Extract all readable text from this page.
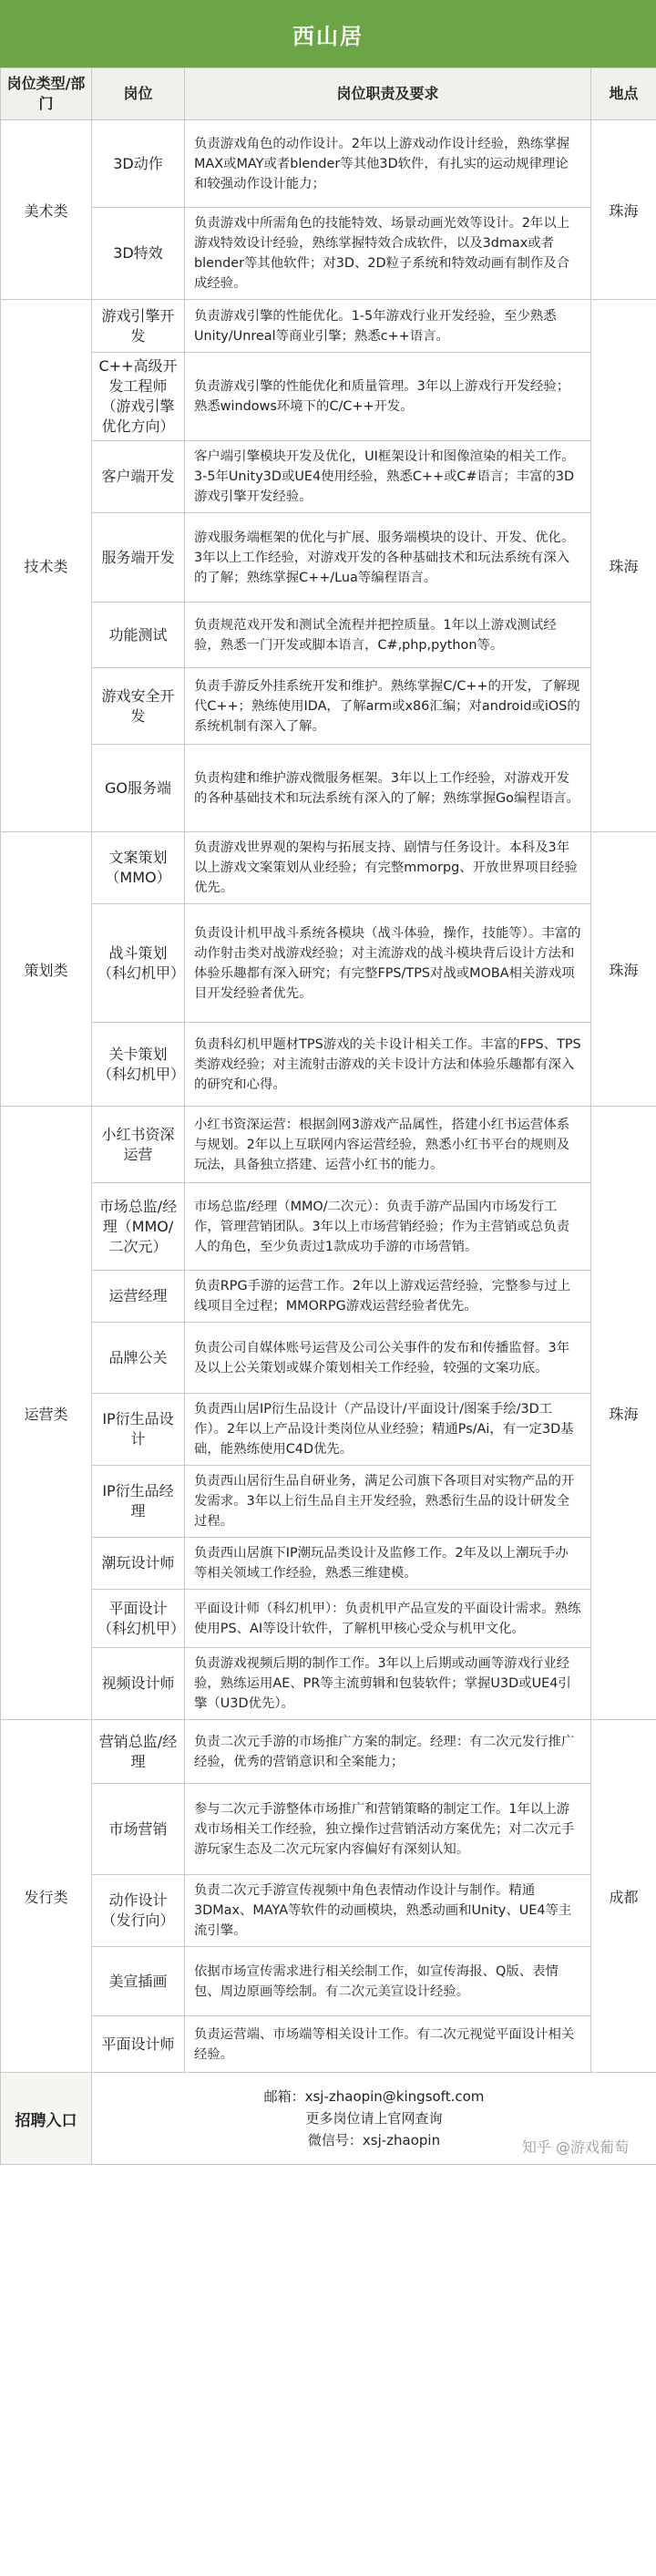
西山居
岗位类型/部门	岗位	岗位职责及要求	地点
美术类	3D动作	负责游戏角色的动作设计。2年以上游戏动作设计经验，熟练掌握MAX或MAY或者blender等其他3D软件，有扎实的运动规律理论和较强动作设计能力；	珠海
	3D特效	负责游戏中所需角色的技能特效、场景动画光效等设计。2年以上游戏特效设计经验，熟练掌握特效合成软件，以及3dmax或者blender等其他软件；对3D、2D粒子系统和特效动画有制作及合成经验。	
技术类	游戏引擎开发	负责游戏引擎的性能优化。1-5年游戏行业开发经验，至少熟悉Unity/Unreal等商业引擎；熟悉c++语言。	珠海
	C++高级开发工程师（游戏引擎优化方向）	负责游戏引擎的性能优化和质量管理。3年以上游戏行开发经验；熟悉windows环境下的C/C++开发。	
	客户端开发	客户端引擎模块开发及优化，UI框架设计和图像渲染的相关工作。3-5年Unity3D或UE4使用经验，熟悉C++或C#语言；丰富的3D游戏引擎开发经验。	
	服务端开发	游戏服务端框架的优化与扩展、服务端模块的设计、开发、优化。3年以上工作经验，对游戏开发的各种基础技术和玩法系统有深入的了解；熟练掌握C++/Lua等编程语言。	
	功能测试	负责规范戏开发和测试全流程并把控质量。1年以上游戏测试经验，熟悉一门开发或脚本语言，C#,php,python等。	
	游戏安全开发	负责手游反外挂系统开发和维护。熟练掌握C/C++的开发，了解现代C++；熟练使用IDA，了解arm或x86汇编；对android或iOS的系统机制有深入了解。	
	GO服务端	负责构建和维护游戏微服务框架。3年以上工作经验，对游戏开发的各种基础技术和玩法系统有深入的了解；熟练掌握Go编程语言。	
策划类	文案策划（MMO）	负责游戏世界观的架构与拓展支持、剧情与任务设计。本科及3年以上游戏文案策划从业经验；有完整mmorpg、开放世界项目经验优先。	珠海
	战斗策划（科幻机甲）	负责设计机甲战斗系统各模块（战斗体验，操作，技能等）。丰富的动作射击类对战游戏经验；对主流游戏的战斗模块背后设计方法和体验乐趣都有深入研究；有完整FPS/TPS对战或MOBA相关游戏项目开发经验者优先。	
	关卡策划（科幻机甲）	负责科幻机甲题材TPS游戏的关卡设计相关工作。丰富的FPS、TPS类游戏经验；对主流射击游戏的关卡设计方法和体验乐趣都有深入的研究和心得。	
运营类	小红书资深运营	小红书资深运营：根据剑网3游戏产品属性，搭建小红书运营体系与规划。2年以上互联网内容运营经验，熟悉小红书平台的规则及玩法，具备独立搭建、运营小红书的能力。	珠海
	市场总监/经理（MMO/二次元）	市场总监/经理（MMO/二次元）：负责手游产品国内市场发行工作，管理营销团队。3年以上市场营销经验；作为主营销或总负责人的角色，至少负责过1款成功手游的市场营销。	
	运营经理	负责RPG手游的运营工作。2年以上游戏运营经验，完整参与过上线项目全过程；MMORPG游戏运营经验者优先。	
	品牌公关	负责公司自媒体账号运营及公司公关事件的发布和传播监督。3年及以上公关策划或媒介策划相关工作经验，较强的文案功底。	
	IP衍生品设计	负责西山居IP衍生品设计（产品设计/平面设计/图案手绘/3D工作）。2年以上产品设计类岗位从业经验；精通Ps/Ai，有一定3D基础，能熟练使用C4D优先。	
	IP衍生品经理	负责西山居衍生品自研业务，满足公司旗下各项目对实物产品的开发需求。3年以上衍生品自主开发经验，熟悉衍生品的设计研发全过程。	
	潮玩设计师	负责西山居旗下IP潮玩品类设计及监修工作。2年及以上潮玩手办等相关领域工作经验，熟悉三维建模。	
	平面设计（科幻机甲）	平面设计师（科幻机甲）：负责机甲产品宣发的平面设计需求。熟练使用PS、AI等设计软件，了解机甲核心受众与机甲文化。	
	视频设计师	负责游戏视频后期的制作工作。3年以上后期或动画等游戏行业经验，熟练运用AE、PR等主流剪辑和包装软件；掌握U3D或UE4引擎（U3D优先）。	
发行类	营销总监/经理	负责二次元手游的市场推广方案的制定。经理：有二次元发行推广经验，优秀的营销意识和全案能力；	成都
	市场营销	参与二次元手游整体市场推广和营销策略的制定工作。1年以上游戏市场相关工作经验，独立操作过营销活动方案优先；对二次元手游玩家生态及二次元玩家内容偏好有深刻认知。	
	动作设计（发行向）	负责二次元手游宣传视频中角色表情动作设计与制作。精通3DMax、MAYA等软件的动画模块，熟悉动画和Unity、UE4等主流引擎。	
	美宣插画	依据市场宣传需求进行相关绘制工作，如宣传海报、Q版、表情包、周边原画等绘制。有二次元美宣设计经验。	
	平面设计师	负责运营端、市场端等相关设计工作。有二次元视觉平面设计相关经验。	
招聘入口	邮箱：xsj-zhaopin@kingsoft.com
更多岗位请上官网查询
微信号：xsj-zhaopin 知乎 @游戏葡萄		
